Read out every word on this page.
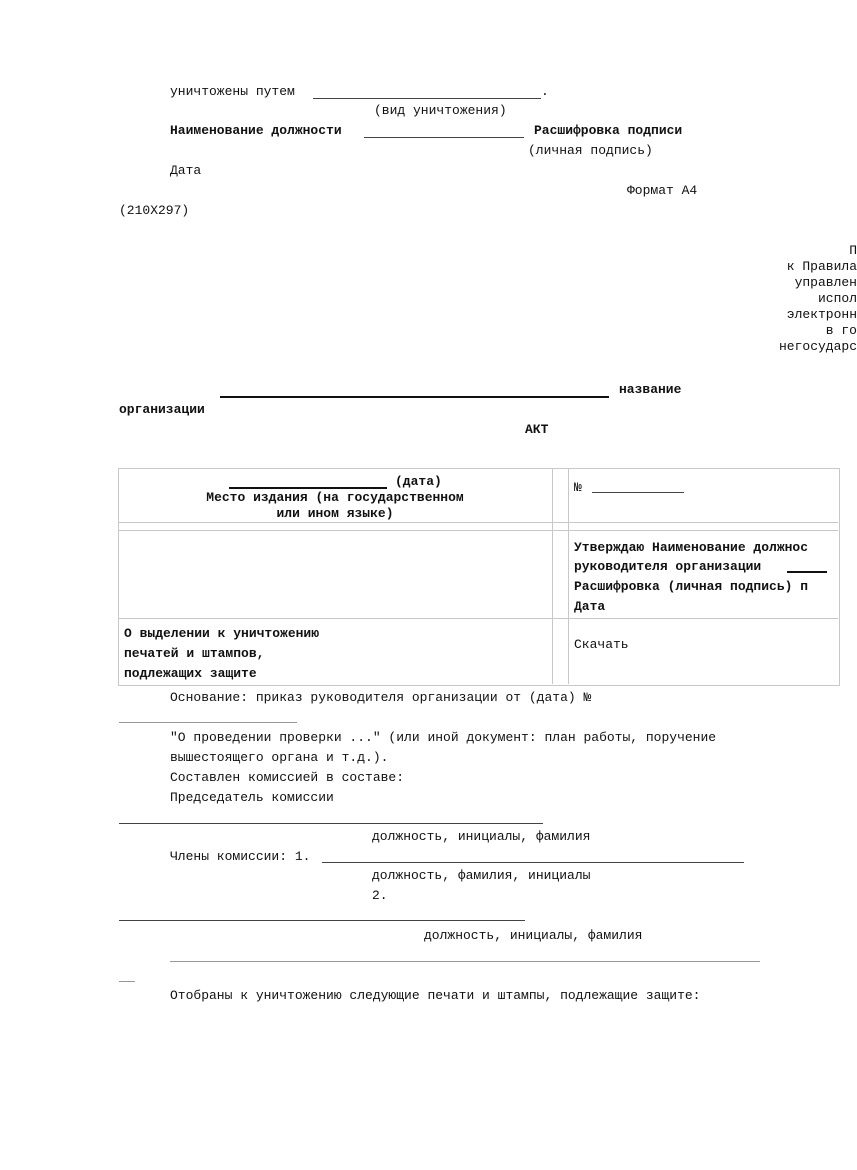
уничтожены путем	.
(вид уничтожения)
Наименование должности	Расшифровка подписи
(личная подпись)
Дата
Формат А4
(210X297)
П
к Правила
управлен
испол
электронн
в го
негосударс
название
организации
АКТ
(дата)
Место издания (на государственном
или ином языке)
№
Утверждаю Наименование должнос
руководителя организации
Расшифровка (личная подпись) п
Дата
О выделении к уничтожению
печатей и штампов,
подлежащих защите
Скачать
Основание: приказ руководителя организации от (дата) №
"О проведении проверки ..." (или иной документ: план работы, поручение
вышестоящего органа и т.д.).
Составлен комиссией в составе:
Председатель комиссии
должность, инициалы, фамилия
Члены комиссии: 1.
должность, фамилия, инициалы
2.
должность, инициалы, фамилия
Отобраны к уничтожению следующие печати и штампы, подлежащие защите:
